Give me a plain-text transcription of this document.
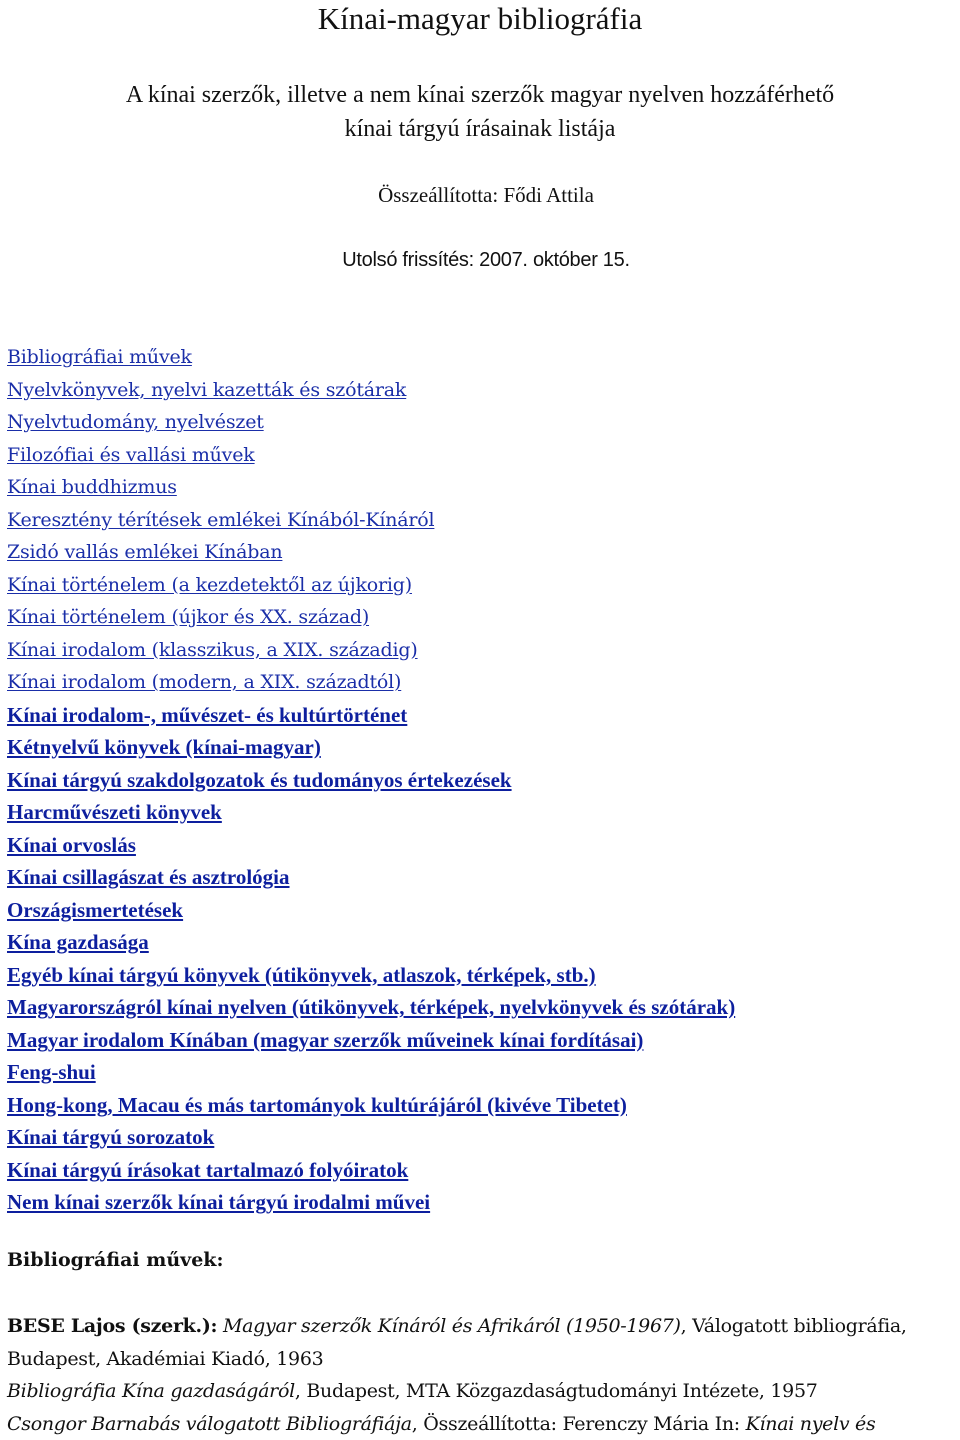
Kínai-magyar bibliográfia
A kínai szerzők, illetve a nem kínai szerzők magyar nyelven hozzáférhető
kínai tárgyú írásainak listája
Összeállította: Fődi Attila
Utolsó frissítés: 2007. október 15.
Bibliográfiai művek
Nyelvkönyvek, nyelvi kazetták és szótárak
Nyelvtudomány, nyelvészet
Filozófiai és vallási művek
Kínai buddhizmus
Keresztény térítések emlékei Kínából-Kínáról
Zsidó vallás emlékei Kínában
Kínai történelem (a kezdetektől az újkorig)
Kínai történelem (újkor és XX. század)
Kínai irodalom (klasszikus, a XIX. századig)
Kínai irodalom (modern, a XIX. századtól)
Kínai irodalom-, művészet- és kultúrtörténet
Kétnyelvű könyvek (kínai-magyar)
Kínai tárgyú szakdolgozatok és tudományos értekezések
Harcművészeti könyvek
Kínai orvoslás
Kínai csillagászat és asztrológia
Országismertetések
Kína gazdasága
Egyéb kínai tárgyú könyvek (útikönyvek, atlaszok, térképek, stb.)
Magyarországról kínai nyelven (útikönyvek, térképek, nyelvkönyvek és szótárak)
Magyar irodalom Kínában (magyar szerzők műveinek kínai fordításai)
Feng-shui
Hong-kong, Macau és más tartományok kultúrájáról (kivéve Tibetet)
Kínai tárgyú sorozatok
Kínai tárgyú írásokat tartalmazó folyóiratok
Nem kínai szerzők kínai tárgyú irodalmi művei
Bibliográfiai művek:

BESE Lajos (szerk.): Magyar szerzők Kínáról és Afrikáról (1950-1967), Válogatott bibliográfia,
Budapest, Akadémiai Kiadó, 1963

Bibliográfia Kína gazdaságáról, Budapest, MTA Közgazdaságtudományi Intézete, 1957

Csongor Barnabás válogatott Bibliográfiája, Összeállította: Ferenczy Mária In: Kínai nyelv és
